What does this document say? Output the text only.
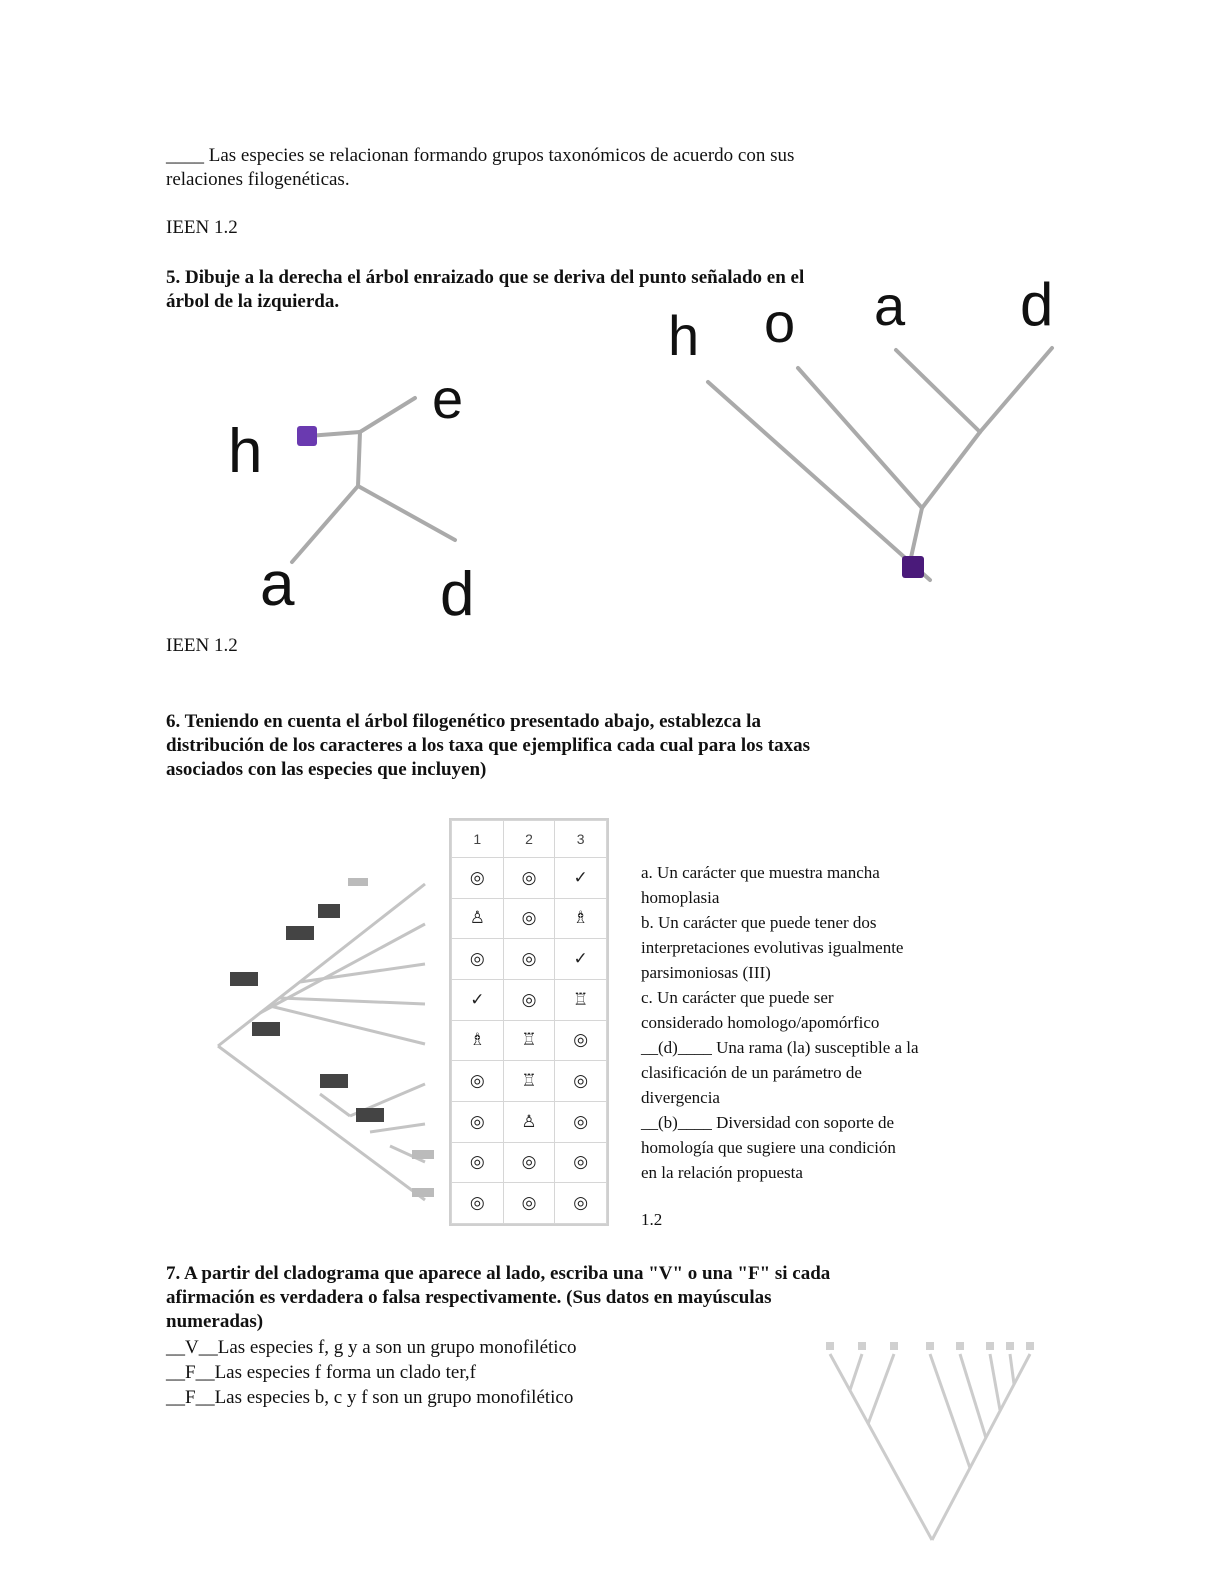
____ Las especies se relacionan formando grupos taxonómicos de acuerdo con sus

relaciones filogenéticas.

IEEN 1.2

5. Dibuje a la derecha el árbol enraizado que se deriva del punto señalado en el

árbol de la izquierda.

h
e
a d
h o a d

IEEN 1.2

6. Teniendo en cuenta el árbol filogenético presentado abajo, establezca la

distribución de los caracteres a los taxa que ejemplifica cada cual para los taxas

asociados con las especies que incluyen)

1	2	3
◎	◎	✓
♙	◎	♗
◎	◎	✓
✓	◎	♖
♗	♖	◎
◎	♖	◎
◎	♙	◎
◎	◎	◎
◎	◎	◎

a. Un carácter que muestra mancha

homoplasia

b. Un carácter que puede tener dos

interpretaciones evolutivas igualmente

parsimoniosas (III)

c. Un carácter que puede ser

considerado homologo/apomórfico

__(d)____ Una rama (la) susceptible a la

clasificación de un parámetro de

divergencia

__(b)____ Diversidad con soporte de

homología que sugiere una condición

en la relación propuesta

1.2

7. A partir del cladograma que aparece al lado, escriba una "V" o una "F" si cada

afirmación es verdadera o falsa respectivamente. (Sus datos en mayúsculas

numeradas)

__V__Las especies f, g y a son un grupo monofilético

__F__Las especies f forma un clado ter,f

__F__Las especies b, c y f son un grupo monofilético
